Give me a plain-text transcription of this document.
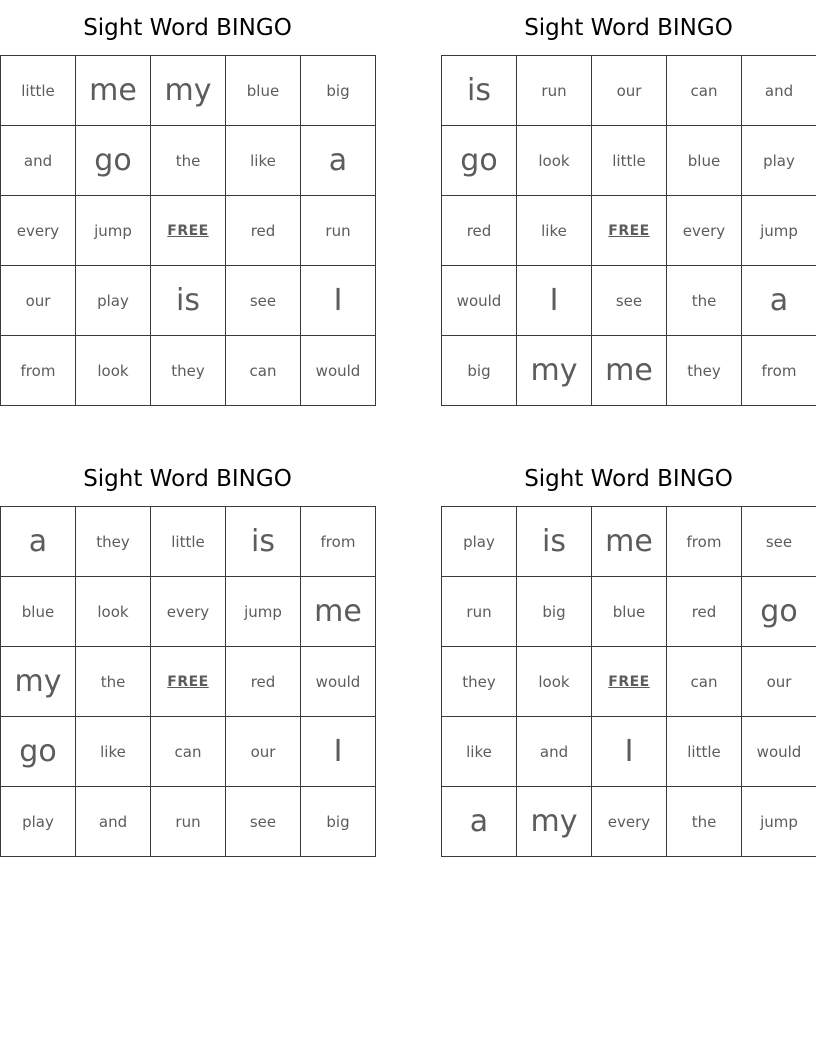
Sight Word BINGO
little	me	my	blue	big
and	go	the	like	a
every	jump	FREE	red	run
our	play	is	see	I
from	look	they	can	would
Sight Word BINGO
is	run	our	can	and
go	look	little	blue	play
red	like	FREE	every	jump
would	I	see	the	a
big	my	me	they	from
Sight Word BINGO
a	they	little	is	from
blue	look	every	jump	me
my	the	FREE	red	would
go	like	can	our	I
play	and	run	see	big
Sight Word BINGO
play	is	me	from	see
run	big	blue	red	go
they	look	FREE	can	our
like	and	I	little	would
a	my	every	the	jump
